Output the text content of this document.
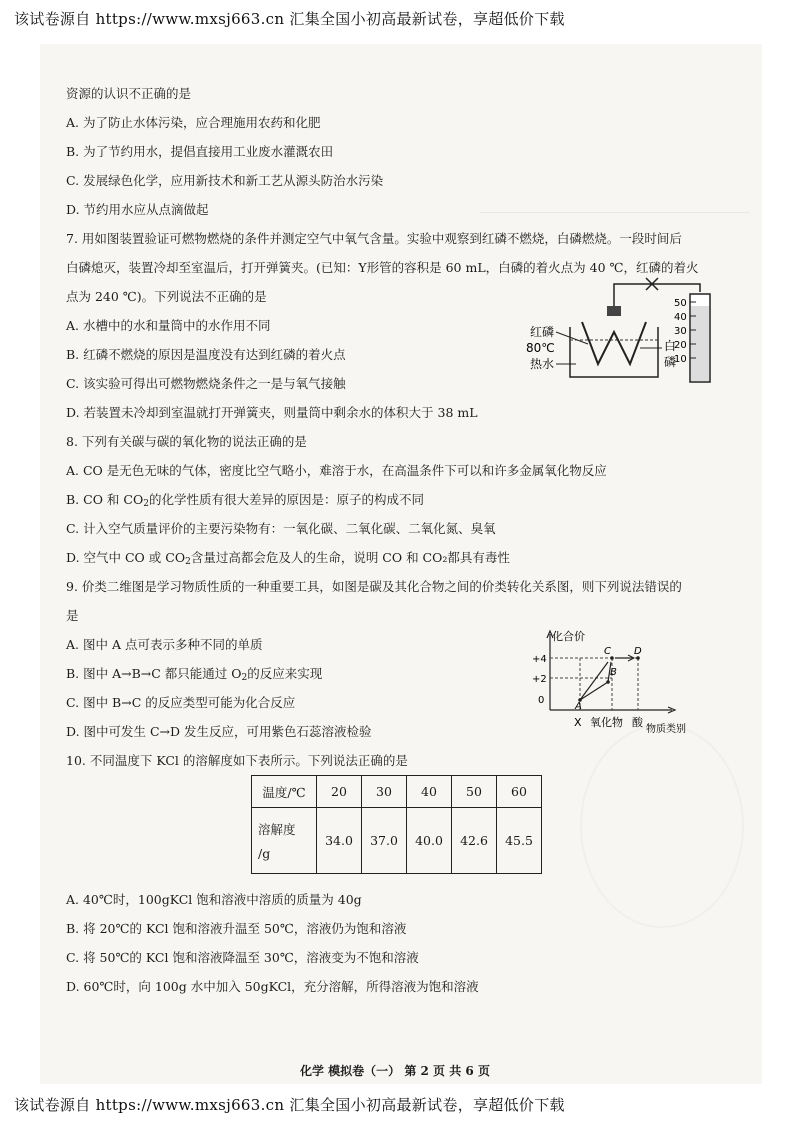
该试卷源自 https://www.mxsj663.cn 汇集全国小初高最新试卷，享超低价下载
资源的认识不正确的是
A. 为了防止水体污染，应合理施用农药和化肥
B. 为了节约用水，提倡直接用工业废水灌溉农田
C. 发展绿色化学，应用新技术和新工艺从源头防治水污染
D. 节约用水应从点滴做起
7. 用如图装置验证可燃物燃烧的条件并测定空气中氧气含量。实验中观察到红磷不燃烧，白磷燃烧。一段时间后
白磷熄灭，装置冷却至室温后，打开弹簧夹。(已知：Y形管的容积是 60 mL，白磷的着火点为 40 ℃，红磷的着火
点为 240 ℃)。下列说法不正确的是
A. 水槽中的水和量筒中的水作用不同
B. 红磷不燃烧的原因是温度没有达到红磷的着火点
C. 该实验可得出可燃物燃烧条件之一是与氧气接触
D. 若装置未冷却到室温就打开弹簧夹，则量筒中剩余水的体积大于 38 mL
50
40
30
20
10
红磷
80℃
热水
白
磷
8. 下列有关碳与碳的氧化物的说法正确的是
A. CO 是无色无味的气体，密度比空气略小，难溶于水，在高温条件下可以和许多金属氧化物反应
B. CO 和 $CO_2$的化学性质有很大差异的原因是：原子的构成不同
C. 计入空气质量评价的主要污染物有：一氧化碳、二氧化碳、二氧化氮、臭氧
D. 空气中 CO 或 $CO_2$含量过高都会危及人的生命，说明 CO 和 CO₂都具有毒性
9. 价类二维图是学习物质性质的一种重要工具，如图是碳及其化合物之间的价类转化关系图，则下列说法错误的
是
A. 图中 A 点可表示多种不同的单质
B. 图中 A→B→C 都只能通过 $O_2$的反应来实现
C. 图中 B→C 的反应类型可能为化合反应
D. 图中可发生 C→D 发生反应，可用紫色石蕊溶液检验
化合价
+4
+2
0
A
B
C D
X 氧化物 酸
物质类别
10. 不同温度下 KCl 的溶解度如下表所示。下列说法正确的是
温度/℃	20	30	40	50	60

溶解度
/g	34.0	37.0	40.0	42.6	45.5
A. 40℃时，100gKCl 饱和溶液中溶质的质量为 40g
B. 将 20℃的 KCl 饱和溶液升温至 50℃，溶液仍为饱和溶液
C. 将 50℃的 KCl 饱和溶液降温至 30℃，溶液变为不饱和溶液
D. 60℃时，向 100g 水中加入 50gKCl，充分溶解，所得溶液为饱和溶液
化学 模拟卷（一） 第 2 页 共 6 页
该试卷源自 https://www.mxsj663.cn 汇集全国小初高最新试卷，享超低价下载
